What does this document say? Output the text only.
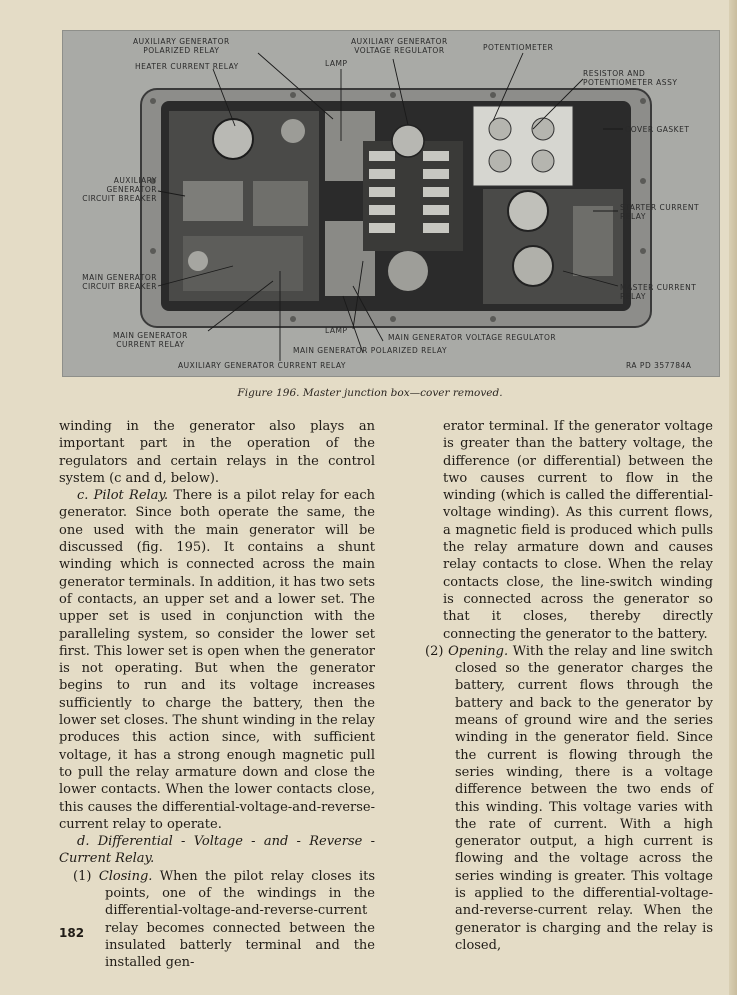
AUXILIARY GENERATOR
POLARIZED RELAY
AUXILIARY GENERATOR
VOLTAGE REGULATOR	POTENTIOMETER
HEATER CURRENT RELAY	LAMP
RESISTOR AND
POTENTIOMETER ASSY
COVER GASKET
AUXILIARY
GENERATOR
CIRCUIT BREAKER
STARTER CURRENT
RELAY
MAIN GENERATOR
CIRCUIT BREAKER	MASTER CURRENT
RELAY
MAIN GENERATOR
CURRENT RELAY
LAMP
MAIN GENERATOR VOLTAGE REGULATOR
MAIN GENERATOR POLARIZED RELAY
AUXILIARY GENERATOR CURRENT RELAY	RA PD 357784A
Figure 196. Master junction box—cover removed.

winding in the generator also plays an important part in the operation of the regulators and certain relays in the control system (c and d, below).

c. Pilot Relay. There is a pilot relay for each generator. Since both operate the same, the one used with the main generator will be discussed (fig. 195). It contains a shunt winding which is connected across the main generator terminals. In addition, it has two sets of contacts, an upper set and a lower set. The upper set is used in conjunction with the paralleling system, so consider the lower set first. This lower set is open when the generator is not operating. But when the generator begins to run and its voltage increases sufficiently to charge the battery, then the lower set closes. The shunt winding in the relay produces this action since, with sufficient voltage, it has a strong enough magnetic pull to pull the relay armature down and close the lower contacts. When the lower contacts close, this causes the differential-voltage-and-reverse-current relay to operate.

d. Differential - Voltage - and - Reverse - Current Relay.

(1) Closing. When the pilot relay closes its points, one of the windings in the differential-voltage-and-reverse-current relay becomes connected between the insulated batterly terminal and the installed gen-

erator terminal. If the generator voltage is greater than the battery voltage, the difference (or differential) between the two causes current to flow in the winding (which is called the differential-voltage winding). As this current flows, a magnetic field is produced which pulls the relay armature down and causes relay contacts to close. When the relay contacts close, the line-switch winding is connected across the generator so that it closes, thereby directly connecting the generator to the battery.

(2) Opening. With the relay and line switch closed so the generator charges the battery, current flows through the battery and back to the generator by means of ground wire and the series winding in the generator field. Since the current is flowing through the series winding, there is a voltage difference between the two ends of this winding. This voltage varies with the rate of current. With a high generator output, a high current is flowing and the voltage across the series winding is greater. This voltage is applied to the differential-voltage-and-reverse-current relay. When the generator is charging and the relay is closed,

182
